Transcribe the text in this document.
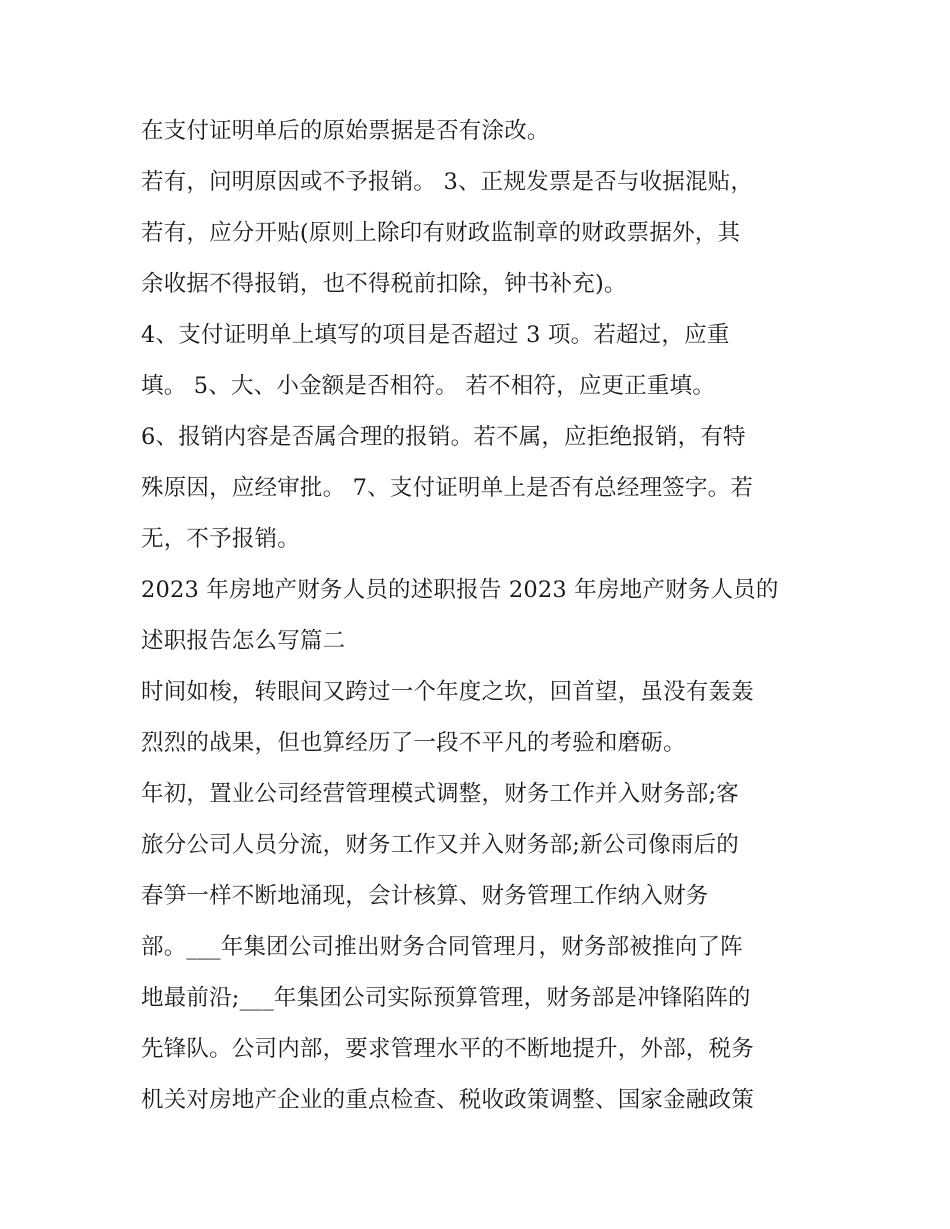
在支付证明单后的原始票据是否有涂改。
若有，问明原因或不予报销。 3、正规发票是否与收据混贴，
若有，应分开贴(原则上除印有财政监制章的财政票据外，其
余收据不得报销，也不得税前扣除，钟书补充)。
4、支付证明单上填写的项目是否超过 3 项。若超过，应重
填。 5、大、小金额是否相符。 若不相符，应更正重填。
6、报销内容是否属合理的报销。若不属，应拒绝报销，有特
殊原因，应经审批。 7、支付证明单上是否有总经理签字。若
无，不予报销。
2023 年房地产财务人员的述职报告 2023 年房地产财务人员的
述职报告怎么写篇二
时间如梭，转眼间又跨过一个年度之坎，回首望，虽没有轰轰
烈烈的战果，但也算经历了一段不平凡的考验和磨砺。
年初，置业公司经营管理模式调整，财务工作并入财务部;客
旅分公司人员分流，财务工作又并入财务部;新公司像雨后的
春笋一样不断地涌现，会计核算、财务管理工作纳入财务
部。___年集团公司推出财务合同管理月，财务部被推向了阵
地最前沿;___年集团公司实际预算管理，财务部是冲锋陷阵的
先锋队。公司内部，要求管理水平的不断地提升，外部，税务
机关对房地产企业的重点检查、税收政策调整、国家金融政策
